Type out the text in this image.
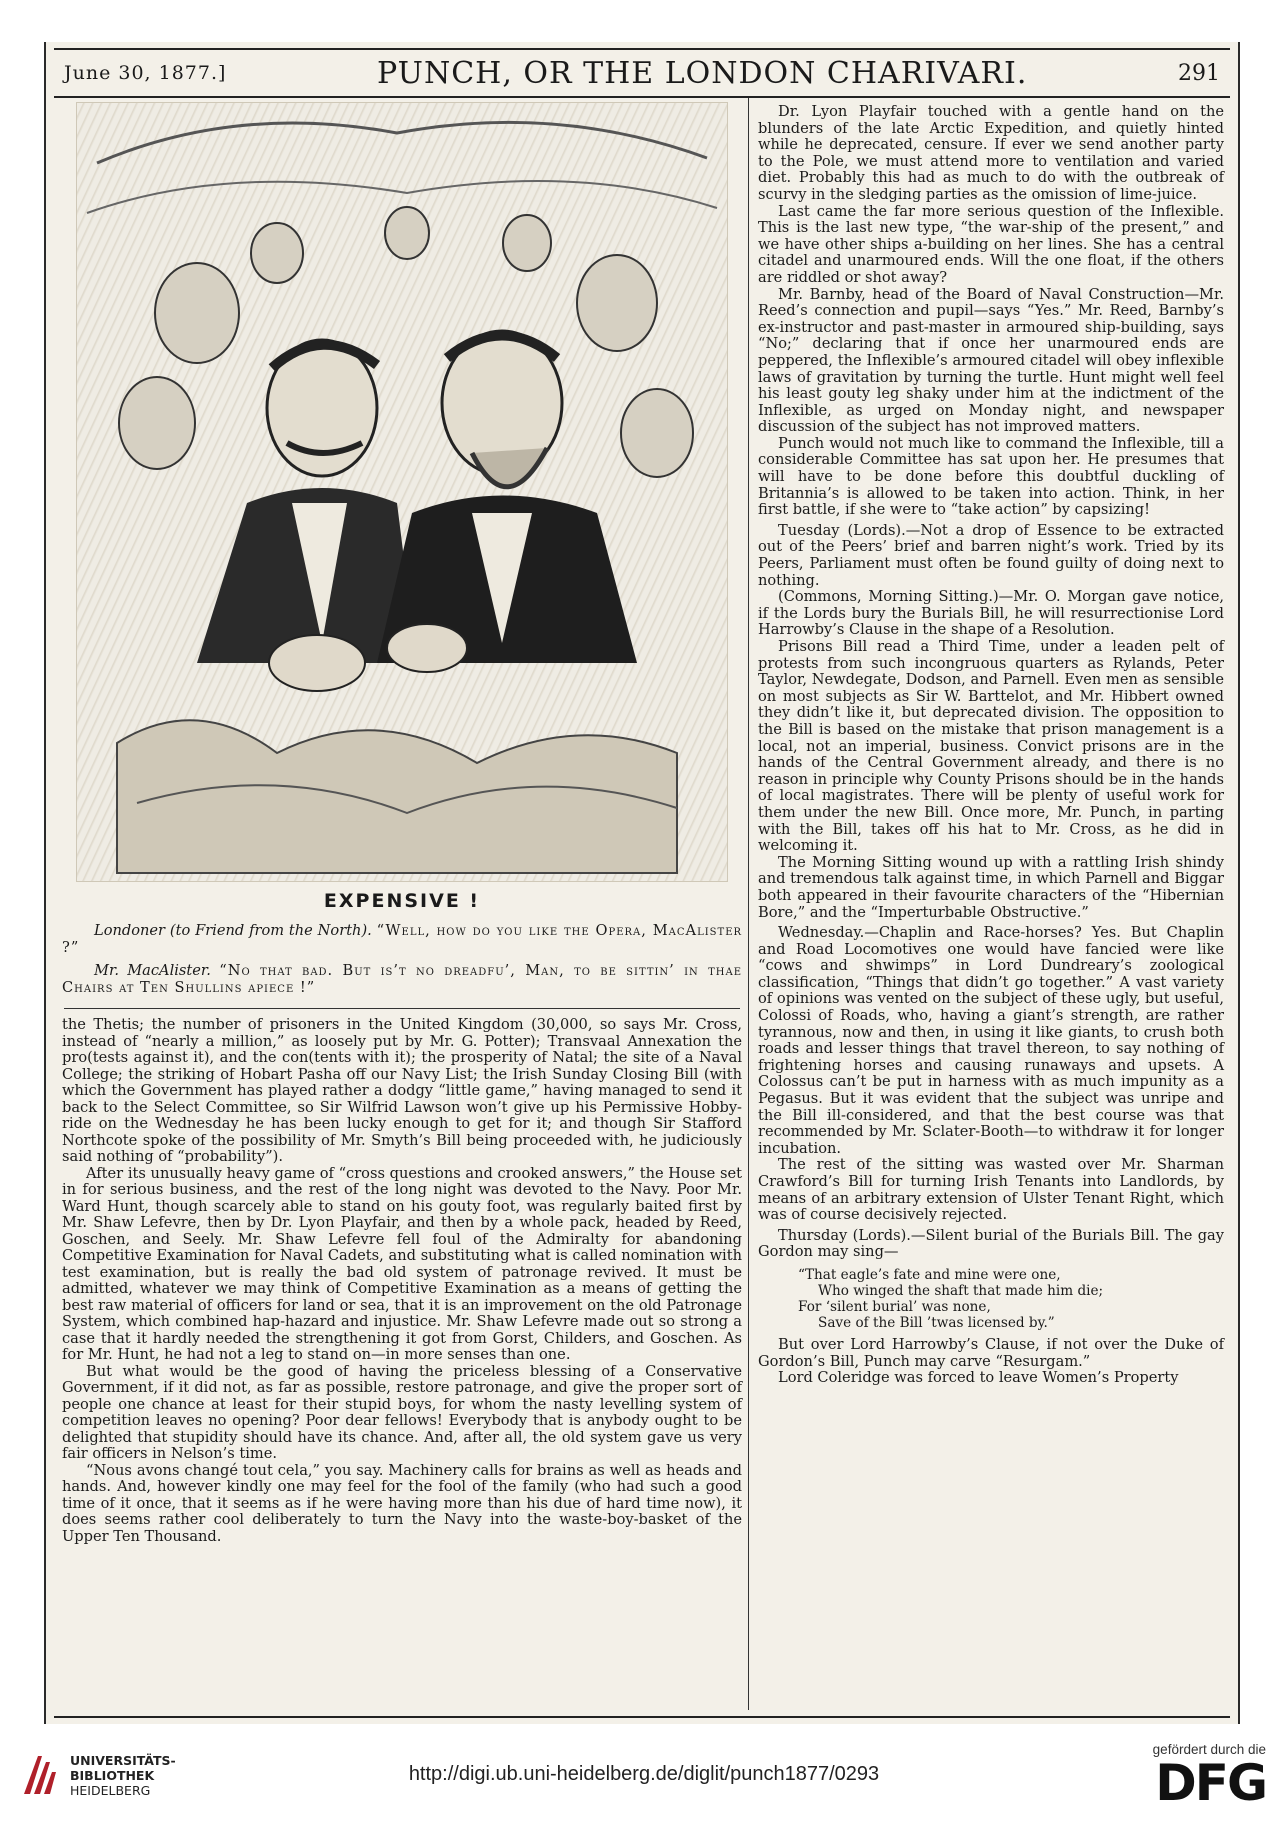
June 30, 1877.]	PUNCH, OR THE LONDON CHARIVARI.	291
EXPENSIVE !

Londoner (to Friend from the North). “Well, how do you like the Opera, MacAlister ?”

Mr. MacAlister. “No that bad. But is’t no dreadfu’, Man, to be sittin’ in thae Chairs at Ten Shullins apiece !”

the Thetis; the number of prisoners in the United Kingdom (30,000, so says Mr. Cross, instead of “nearly a million,” as loosely put by Mr. G. Potter); Transvaal Annexation the pro(tests against it), and the con(tents with it); the prosperity of Natal; the site of a Naval College; the striking of Hobart Pasha off our Navy List; the Irish Sunday Closing Bill (with which the Government has played rather a dodgy “little game,” having managed to send it back to the Select Committee, so Sir Wilfrid Lawson won’t give up his Permissive Hobby-ride on the Wednesday he has been lucky enough to get for it; and though Sir Stafford Northcote spoke of the possibility of Mr. Smyth’s Bill being proceeded with, he judiciously said nothing of “probability”).

After its unusually heavy game of “cross questions and crooked answers,” the House set in for serious business, and the rest of the long night was devoted to the Navy. Poor Mr. Ward Hunt, though scarcely able to stand on his gouty foot, was regularly baited first by Mr. Shaw Lefevre, then by Dr. Lyon Playfair, and then by a whole pack, headed by Reed, Goschen, and Seely. Mr. Shaw Lefevre fell foul of the Admiralty for abandoning Competitive Examination for Naval Cadets, and substituting what is called nomination with test examination, but is really the bad old system of patronage revived. It must be admitted, whatever we may think of Competitive Examination as a means of getting the best raw material of officers for land or sea, that it is an improvement on the old Patronage System, which combined hap-hazard and injustice. Mr. Shaw Lefevre made out so strong a case that it hardly needed the strengthening it got from Gorst, Childers, and Goschen. As for Mr. Hunt, he had not a leg to stand on—in more senses than one.

But what would be the good of having the priceless blessing of a Conservative Government, if it did not, as far as possible, restore patronage, and give the proper sort of people one chance at least for their stupid boys, for whom the nasty levelling system of competition leaves no opening? Poor dear fellows! Everybody that is anybody ought to be delighted that stupidity should have its chance. And, after all, the old system gave us very fair officers in Nelson’s time.

“Nous avons changé tout cela,” you say. Machinery calls for brains as well as heads and hands. And, however kindly one may feel for the fool of the family (who had such a good time of it once, that it seems as if he were having more than his due of hard time now), it does seems rather cool deliberately to turn the Navy into the waste-boy-basket of the Upper Ten Thousand.

Dr. Lyon Playfair touched with a gentle hand on the blunders of the late Arctic Expedition, and quietly hinted while he deprecated, censure. If ever we send another party to the Pole, we must attend more to ventilation and varied diet. Probably this had as much to do with the outbreak of scurvy in the sledging parties as the omission of lime-juice.

Last came the far more serious question of the Inflexible. This is the last new type, “the war-ship of the present,” and we have other ships a-building on her lines. She has a central citadel and unarmoured ends. Will the one float, if the others are riddled or shot away?

Mr. Barnby, head of the Board of Naval Construction—Mr. Reed’s connection and pupil—says “Yes.” Mr. Reed, Barnby’s ex-instructor and past-master in armoured ship-building, says “No;” declaring that if once her unarmoured ends are peppered, the Inflexible’s armoured citadel will obey inflexible laws of gravitation by turning the turtle. Hunt might well feel his least gouty leg shaky under him at the indictment of the Inflexible, as urged on Monday night, and newspaper discussion of the subject has not improved matters.

Punch would not much like to command the Inflexible, till a considerable Committee has sat upon her. He presumes that will have to be done before this doubtful duckling of Britannia’s is allowed to be taken into action. Think, in her first battle, if she were to “take action” by capsizing!

Tuesday (Lords).—Not a drop of Essence to be extracted out of the Peers’ brief and barren night’s work. Tried by its Peers, Parliament must often be found guilty of doing next to nothing.

(Commons, Morning Sitting.)—Mr. O. Morgan gave notice, if the Lords bury the Burials Bill, he will resurrectionise Lord Harrowby’s Clause in the shape of a Resolution.

Prisons Bill read a Third Time, under a leaden pelt of protests from such incongruous quarters as Rylands, Peter Taylor, Newdegate, Dodson, and Parnell. Even men as sensible on most subjects as Sir W. Barttelot, and Mr. Hibbert owned they didn’t like it, but deprecated division. The opposition to the Bill is based on the mistake that prison management is a local, not an imperial, business. Convict prisons are in the hands of the Central Government already, and there is no reason in principle why County Prisons should be in the hands of local magistrates. There will be plenty of useful work for them under the new Bill. Once more, Mr. Punch, in parting with the Bill, takes off his hat to Mr. Cross, as he did in welcoming it.

The Morning Sitting wound up with a rattling Irish shindy and tremendous talk against time, in which Parnell and Biggar both appeared in their favourite characters of the “Hibernian Bore,” and the “Imperturbable Obstructive.”

Wednesday.—Chaplin and Race-horses? Yes. But Chaplin and Road Locomotives one would have fancied were like “cows and shwimps” in Lord Dundreary’s zoological classification, “Things that didn’t go together.” A vast variety of opinions was vented on the subject of these ugly, but useful, Colossi of Roads, who, having a giant’s strength, are rather tyrannous, now and then, in using it like giants, to crush both roads and lesser things that travel thereon, to say nothing of frightening horses and causing runaways and upsets. A Colossus can’t be put in harness with as much impunity as a Pegasus. But it was evident that the subject was unripe and the Bill ill-considered, and that the best course was that recommended by Mr. Sclater-Booth—to withdraw it for longer incubation.

The rest of the sitting was wasted over Mr. Sharman Crawford’s Bill for turning Irish Tenants into Landlords, by means of an arbitrary extension of Ulster Tenant Right, which was of course decisively rejected.

Thursday (Lords).—Silent burial of the Burials Bill. The gay Gordon may sing—

“That eagle’s fate and mine were one,
Who winged the shaft that made him die;
For ‘silent burial’ was none,
Save of the Bill ’twas licensed by.”

But over Lord Harrowby’s Clause, if not over the Duke of Gordon’s Bill, Punch may carve “Resurgam.”

Lord Coleridge was forced to leave Women’s Property

UNIVERSITÄTS-
BIBLIOTHEK
HEIDELBERG
http://digi.ub.uni-heidelberg.de/diglit/punch1877/0293
gefördert durch die
DFG
